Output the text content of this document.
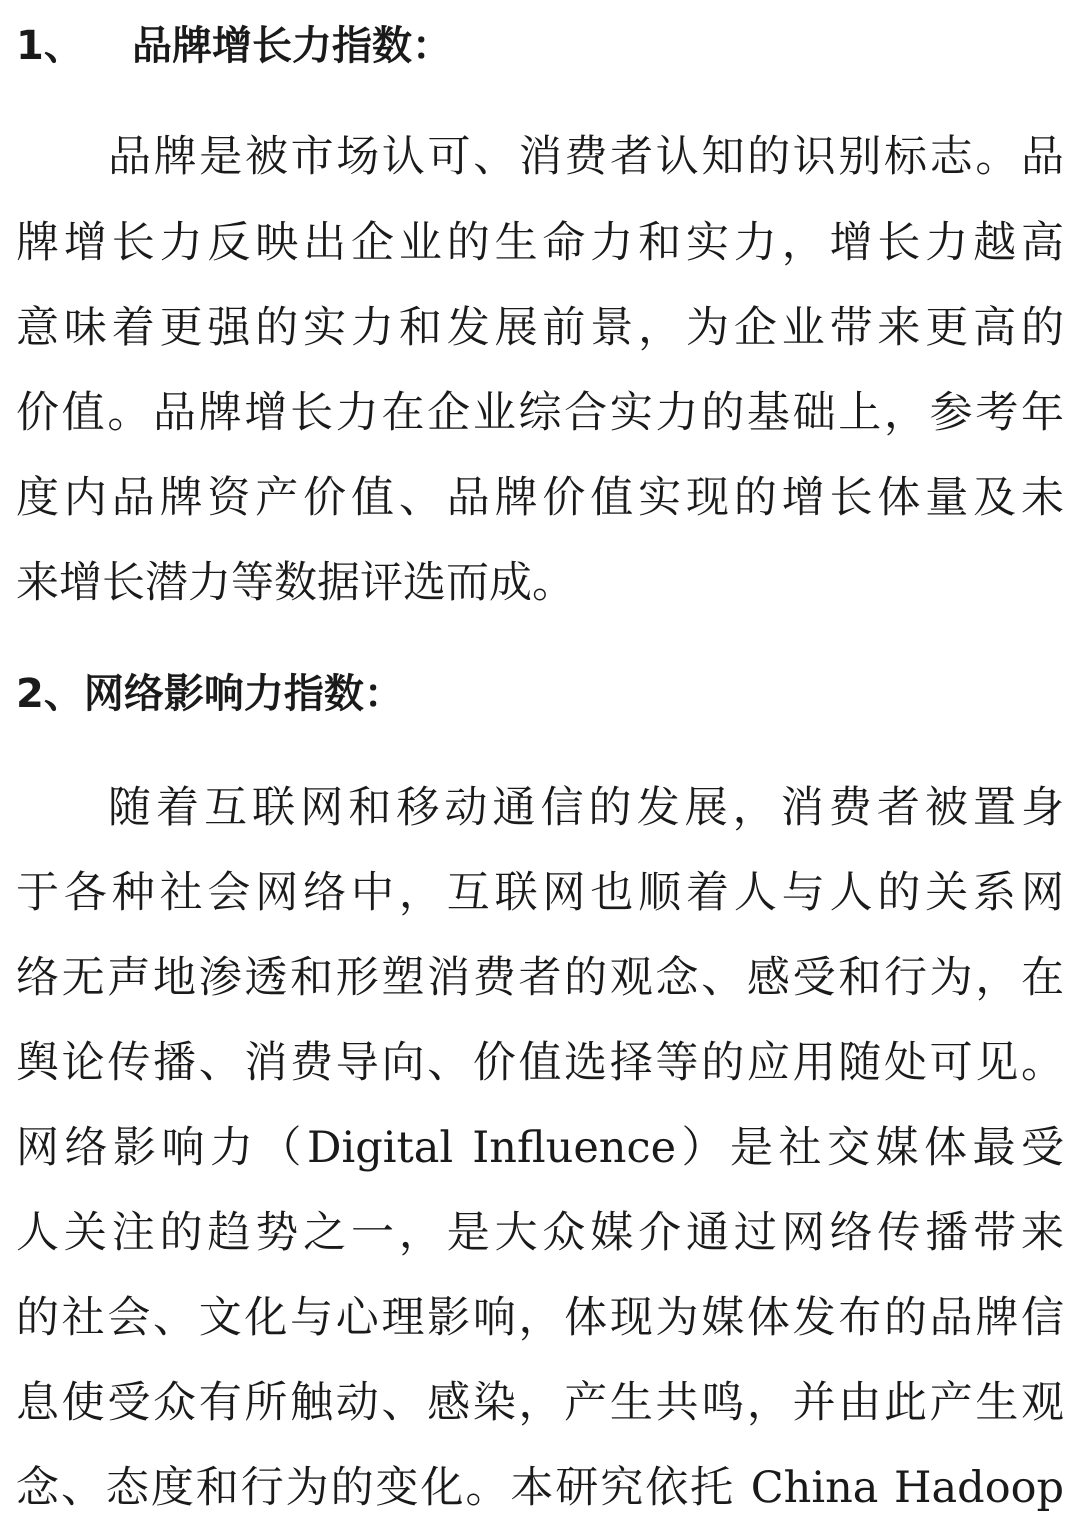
1、 品牌增长力指数：
品牌是被市场认可、消费者认知的识别标志。品
牌增长力反映出企业的生命力和实力，增长力越高
意味着更强的实力和发展前景，为企业带来更高的
价值。品牌增长力在企业综合实力的基础上，参考年
度内品牌资产价值、品牌价值实现的增长体量及未
来增长潜力等数据评选而成。
2、网络影响力指数：
随着互联网和移动通信的发展，消费者被置身
于各种社会网络中，互联网也顺着人与人的关系网
络无声地渗透和形塑消费者的观念、感受和行为，在
舆论传播、消费导向、价值选择等的应用随处可见。
网络影响力（Digital Influence）是社交媒体最受
人关注的趋势之一，是大众媒介通过网络传播带来
的社会、文化与心理影响，体现为媒体发布的品牌信
息使受众有所触动、感染，产生共鸣，并由此产生观
念、态度和行为的变化。本研究依托 China Hadoop
